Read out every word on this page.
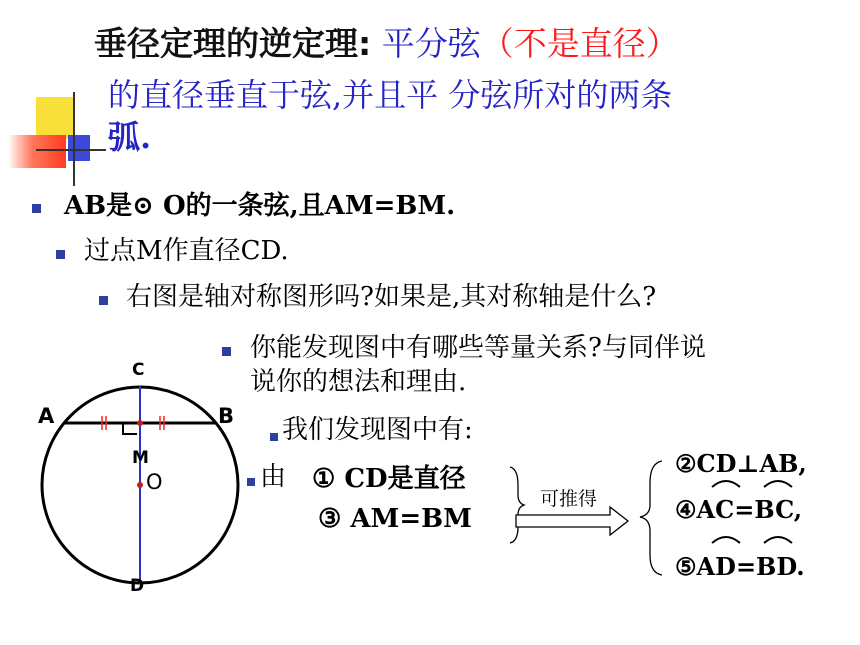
垂径定理的逆定理: 平分弦（不是直径）
的直径垂直于弦,并且平 分弦所对的两条
弧.
AB是⊙ O的一条弦,且AM=BM.
过点M作直径CD.
右图是轴对称图形吗?如果是,其对称轴是什么?
你能发现图中有哪些等量关系?与同伴说
说你的想法和理由.
我们发现图中有:
由 ① CD是直径
③ AM=BM
可推得
②CD⊥AB,
④AC=BC,
⑤AD=BD.
C
A	B
M
O
D
